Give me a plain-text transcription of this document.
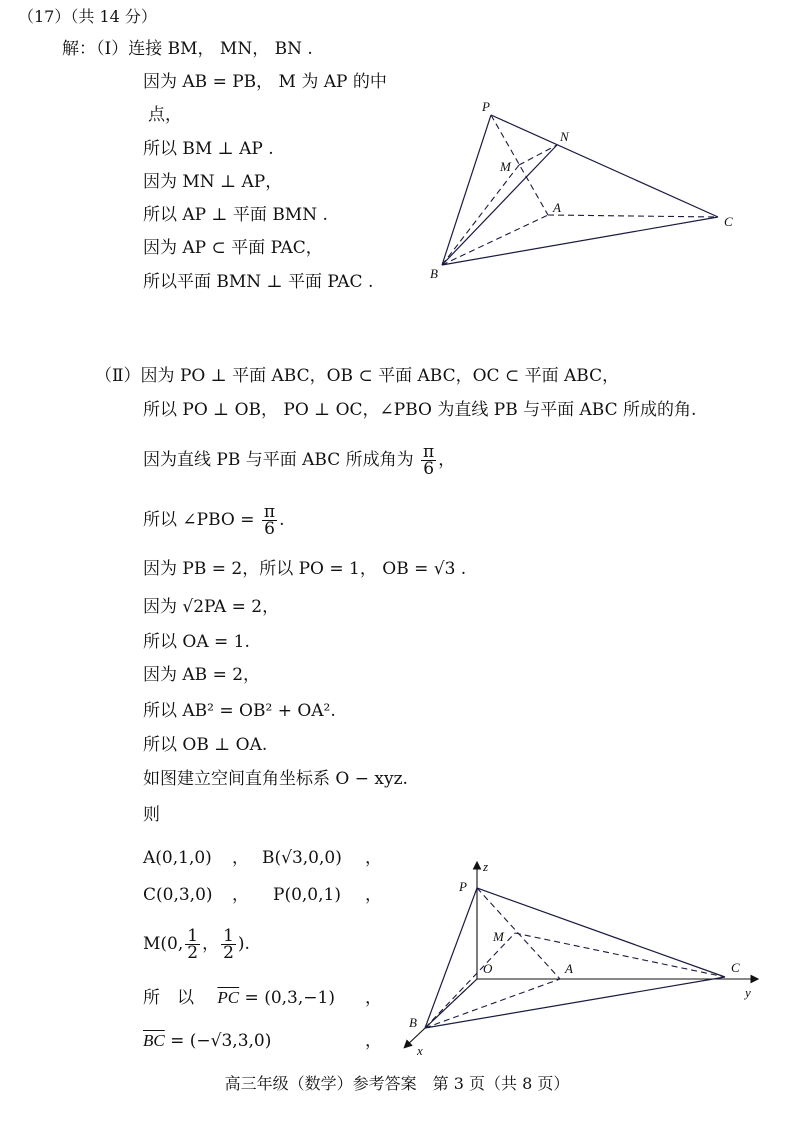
（17）（共 14 分）
解：（Ⅰ）连接 BM， MN， BN .
因为 AB = PB， M 为 AP 的中
点，
所以 BM ⊥ AP .
因为 MN ⊥ AP，
所以 AP ⊥ 平面 BMN .
因为 AP ⊂ 平面 PAC，
所以平面 BMN ⊥ 平面 PAC .
P
N
M
A
C
B
（Ⅱ）因为 PO ⊥ 平面 ABC，OB ⊂ 平面 ABC，OC ⊂ 平面 ABC，
所以 PO ⊥ OB， PO ⊥ OC，∠PBO 为直线 PB 与平面 ABC 所成的角.
因为直线 PB 与平面 ABC 所成角为 $\frac{\pi}{6}$ ，
所以 ∠PBO = $\frac{\pi}{6}$ .
因为 PB = 2，所以 PO = 1， OB = √3 .
因为 √2PA = 2，
所以 OA = 1.
因为 AB = 2，
所以 AB² = OB² + OA².
所以 OB ⊥ OA.
如图建立空间直角坐标系 O − xyz.
则
A(0,1,0) ， B(√3,0,0) ，
C(0,3,0) ， P(0,0,1) ，
M(0, $\frac{1}{2}$ ， $\frac{1}{2}$ ).
所　以 $\overline{PC} = (0,3,-1)$ ，
$\overline{BC} = (-√3,3,0)$	，
z
P
M
O	A	C
y
B
x
高三年级（数学）参考答案　第 3 页（共 8 页）
